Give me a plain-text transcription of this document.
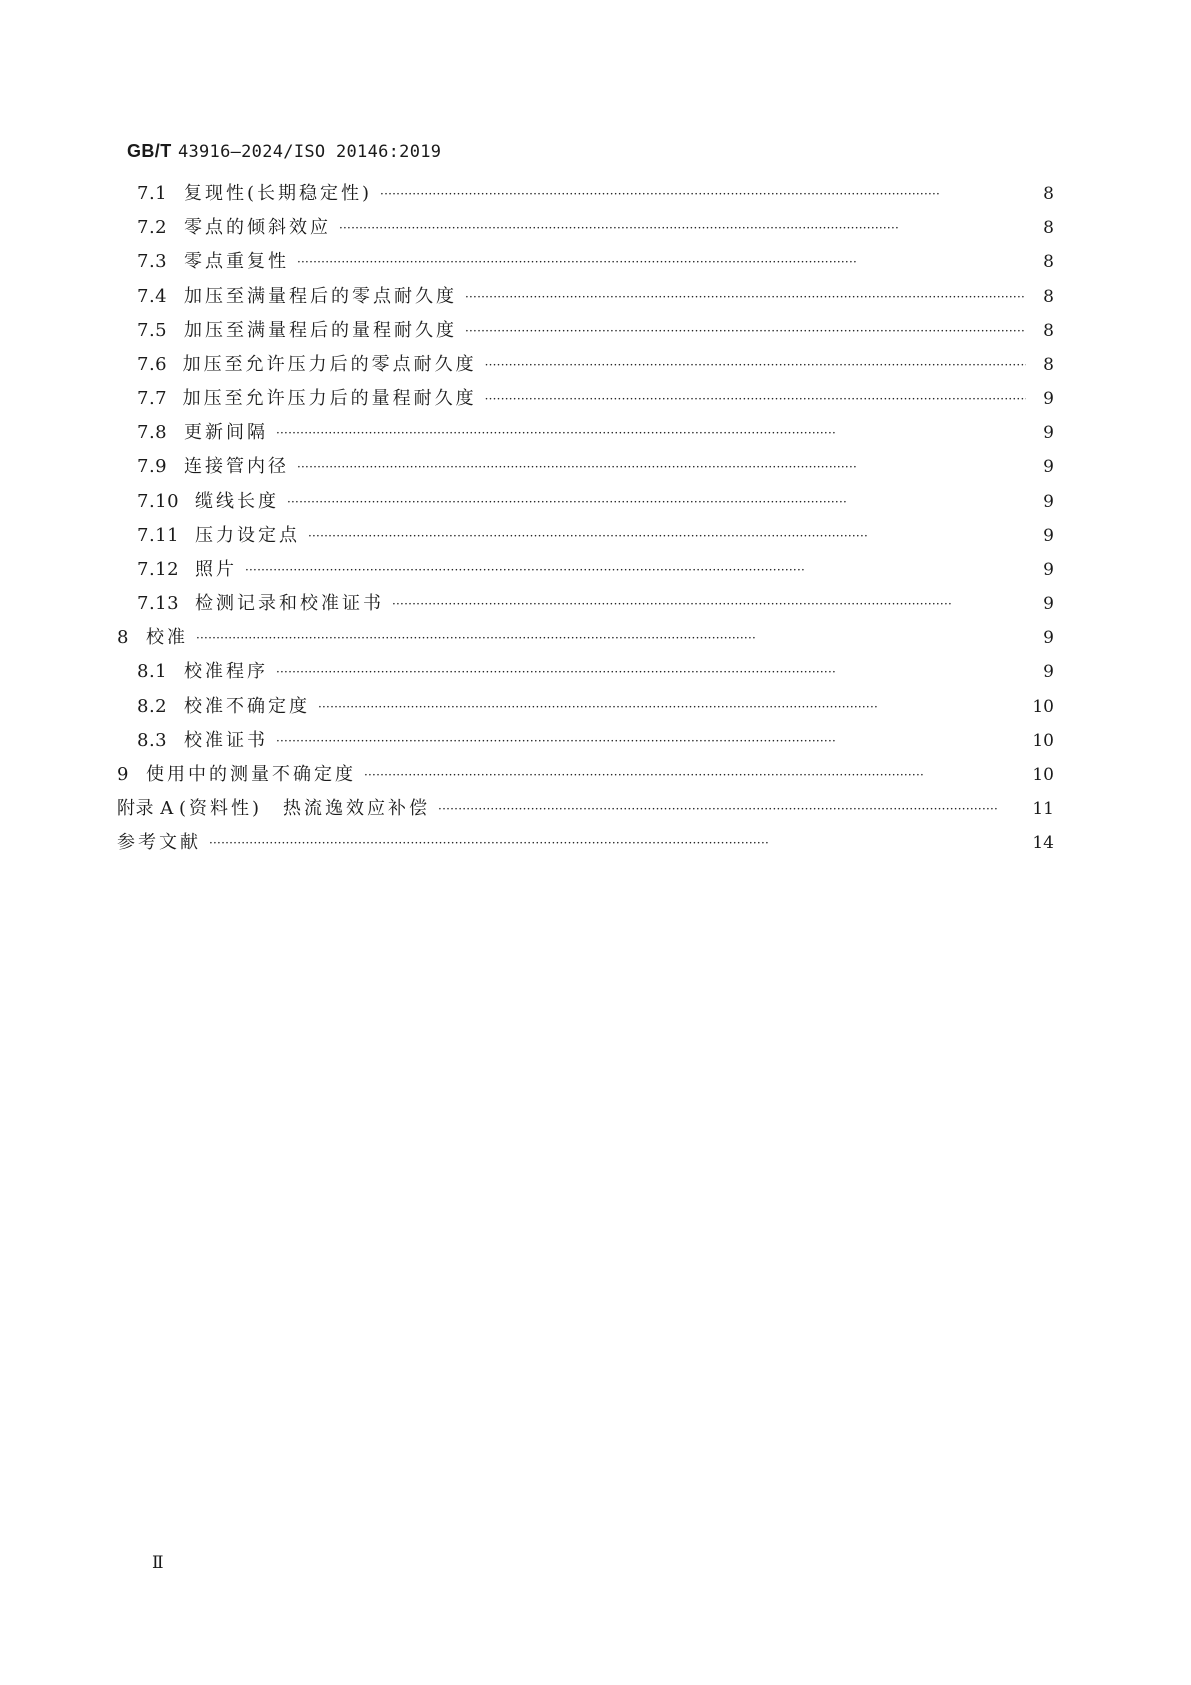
GB/T 43916—2024/ISO 20146:2019
7.1 复现性(长期稳定性) · · ·	8
7.2 零点的倾斜效应 · · ·	8
7.3 零点重复性 · · ·	8
7.4 加压至满量程后的零点耐久度 · · ·	8
7.5 加压至满量程后的量程耐久度 · · ·	8
7.6 加压至允许压力后的零点耐久度 · · ·	8
7.7 加压至允许压力后的量程耐久度 · · ·	9
7.8 更新间隔 · · ·	9
7.9 连接管内径 · · ·	9
7.10 缆线长度 · · ·	9
7.11 压力设定点 · · ·	9
7.12 照片 · · ·	9
7.13 检测记录和校准证书 · · ·	9
8 校准 · · ·	9
8.1 校准程序 · · ·	9
8.2 校准不确定度 · · ·	10
8.3 校准证书 · · ·	10
9 使用中的测量不确定度 · · ·	10
附录 A (资料性)　热流逸效应补偿 · · ·	11
参考文献 · · ·	14
Ⅱ
